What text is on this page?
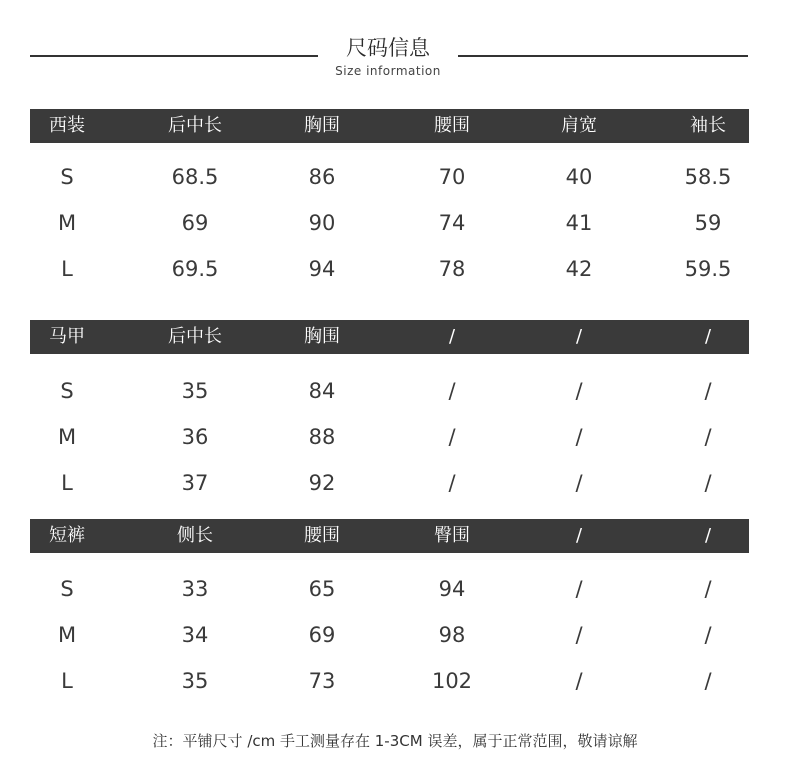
尺码信息
Size information
西装	后中长	胸围	腰围	肩宽	袖长
S	68.5	86	70	40	58.5
M	69	90	74	41	59
L	69.5	94	78	42	59.5
马甲	后中长	胸围	/	/	/
S	35	84	/	/	/
M	36	88	/	/	/
L	37	92	/	/	/
短裤	侧长	腰围	臀围	/	/
S	33	65	94	/	/
M	34	69	98	/	/
L	35	73	102	/	/
注：平铺尺寸 /cm 手工测量存在 1-3CM 误差，属于正常范围，敬请谅解
